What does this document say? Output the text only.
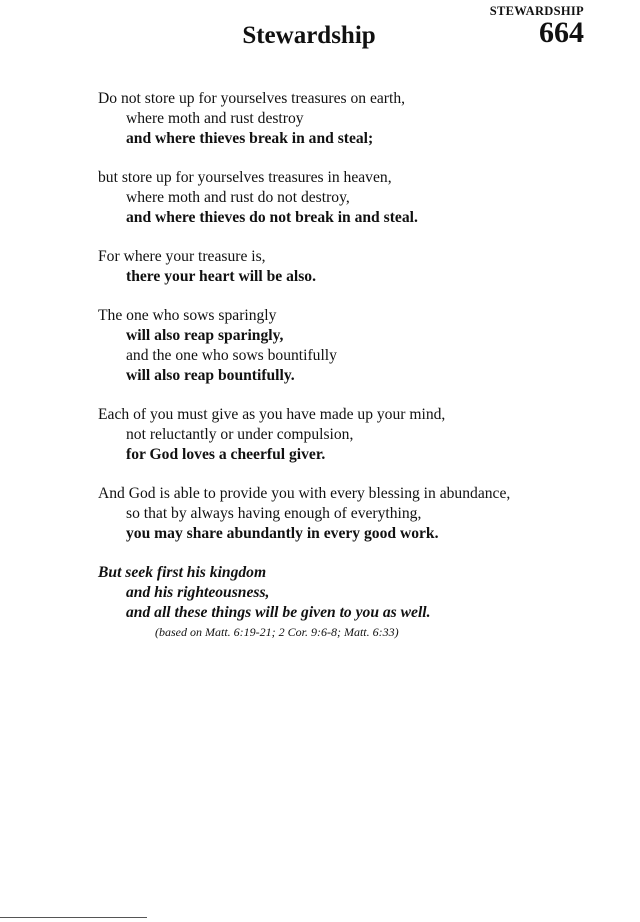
STEWARDSHIP
664
Stewardship
Do not store up for yourselves treasures on earth,
where moth and rust destroy
and where thieves break in and steal;
but store up for yourselves treasures in heaven,
where moth and rust do not destroy,
and where thieves do not break in and steal.
For where your treasure is,
there your heart will be also.
The one who sows sparingly
will also reap sparingly,
and the one who sows bountifully
will also reap bountifully.
Each of you must give as you have made up your mind,
not reluctantly or under compulsion,
for God loves a cheerful giver.
And God is able to provide you with every blessing in abundance,
so that by always having enough of everything,
you may share abundantly in every good work.
But seek first his kingdom
and his righteousness,
and all these things will be given to you as well.
(based on Matt. 6:19-21; 2 Cor. 9:6-8; Matt. 6:33)
